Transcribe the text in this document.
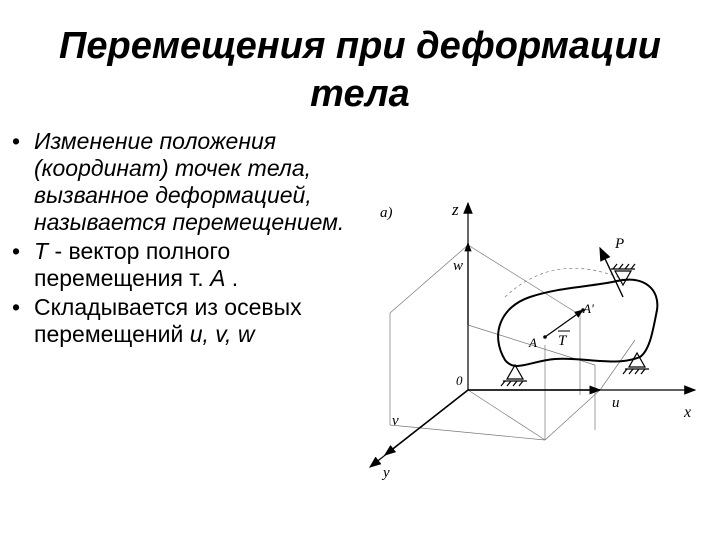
Перемещения при деформации
тела
• Изменение положения (координат) точек тела, вызванное деформацией, называется перемещением.
• T - вектор полного перемещения т. A .
• Складывается из осевых перемещений u, v, w
a)	z
w
0
x
u
v
y
P
A'
A T
